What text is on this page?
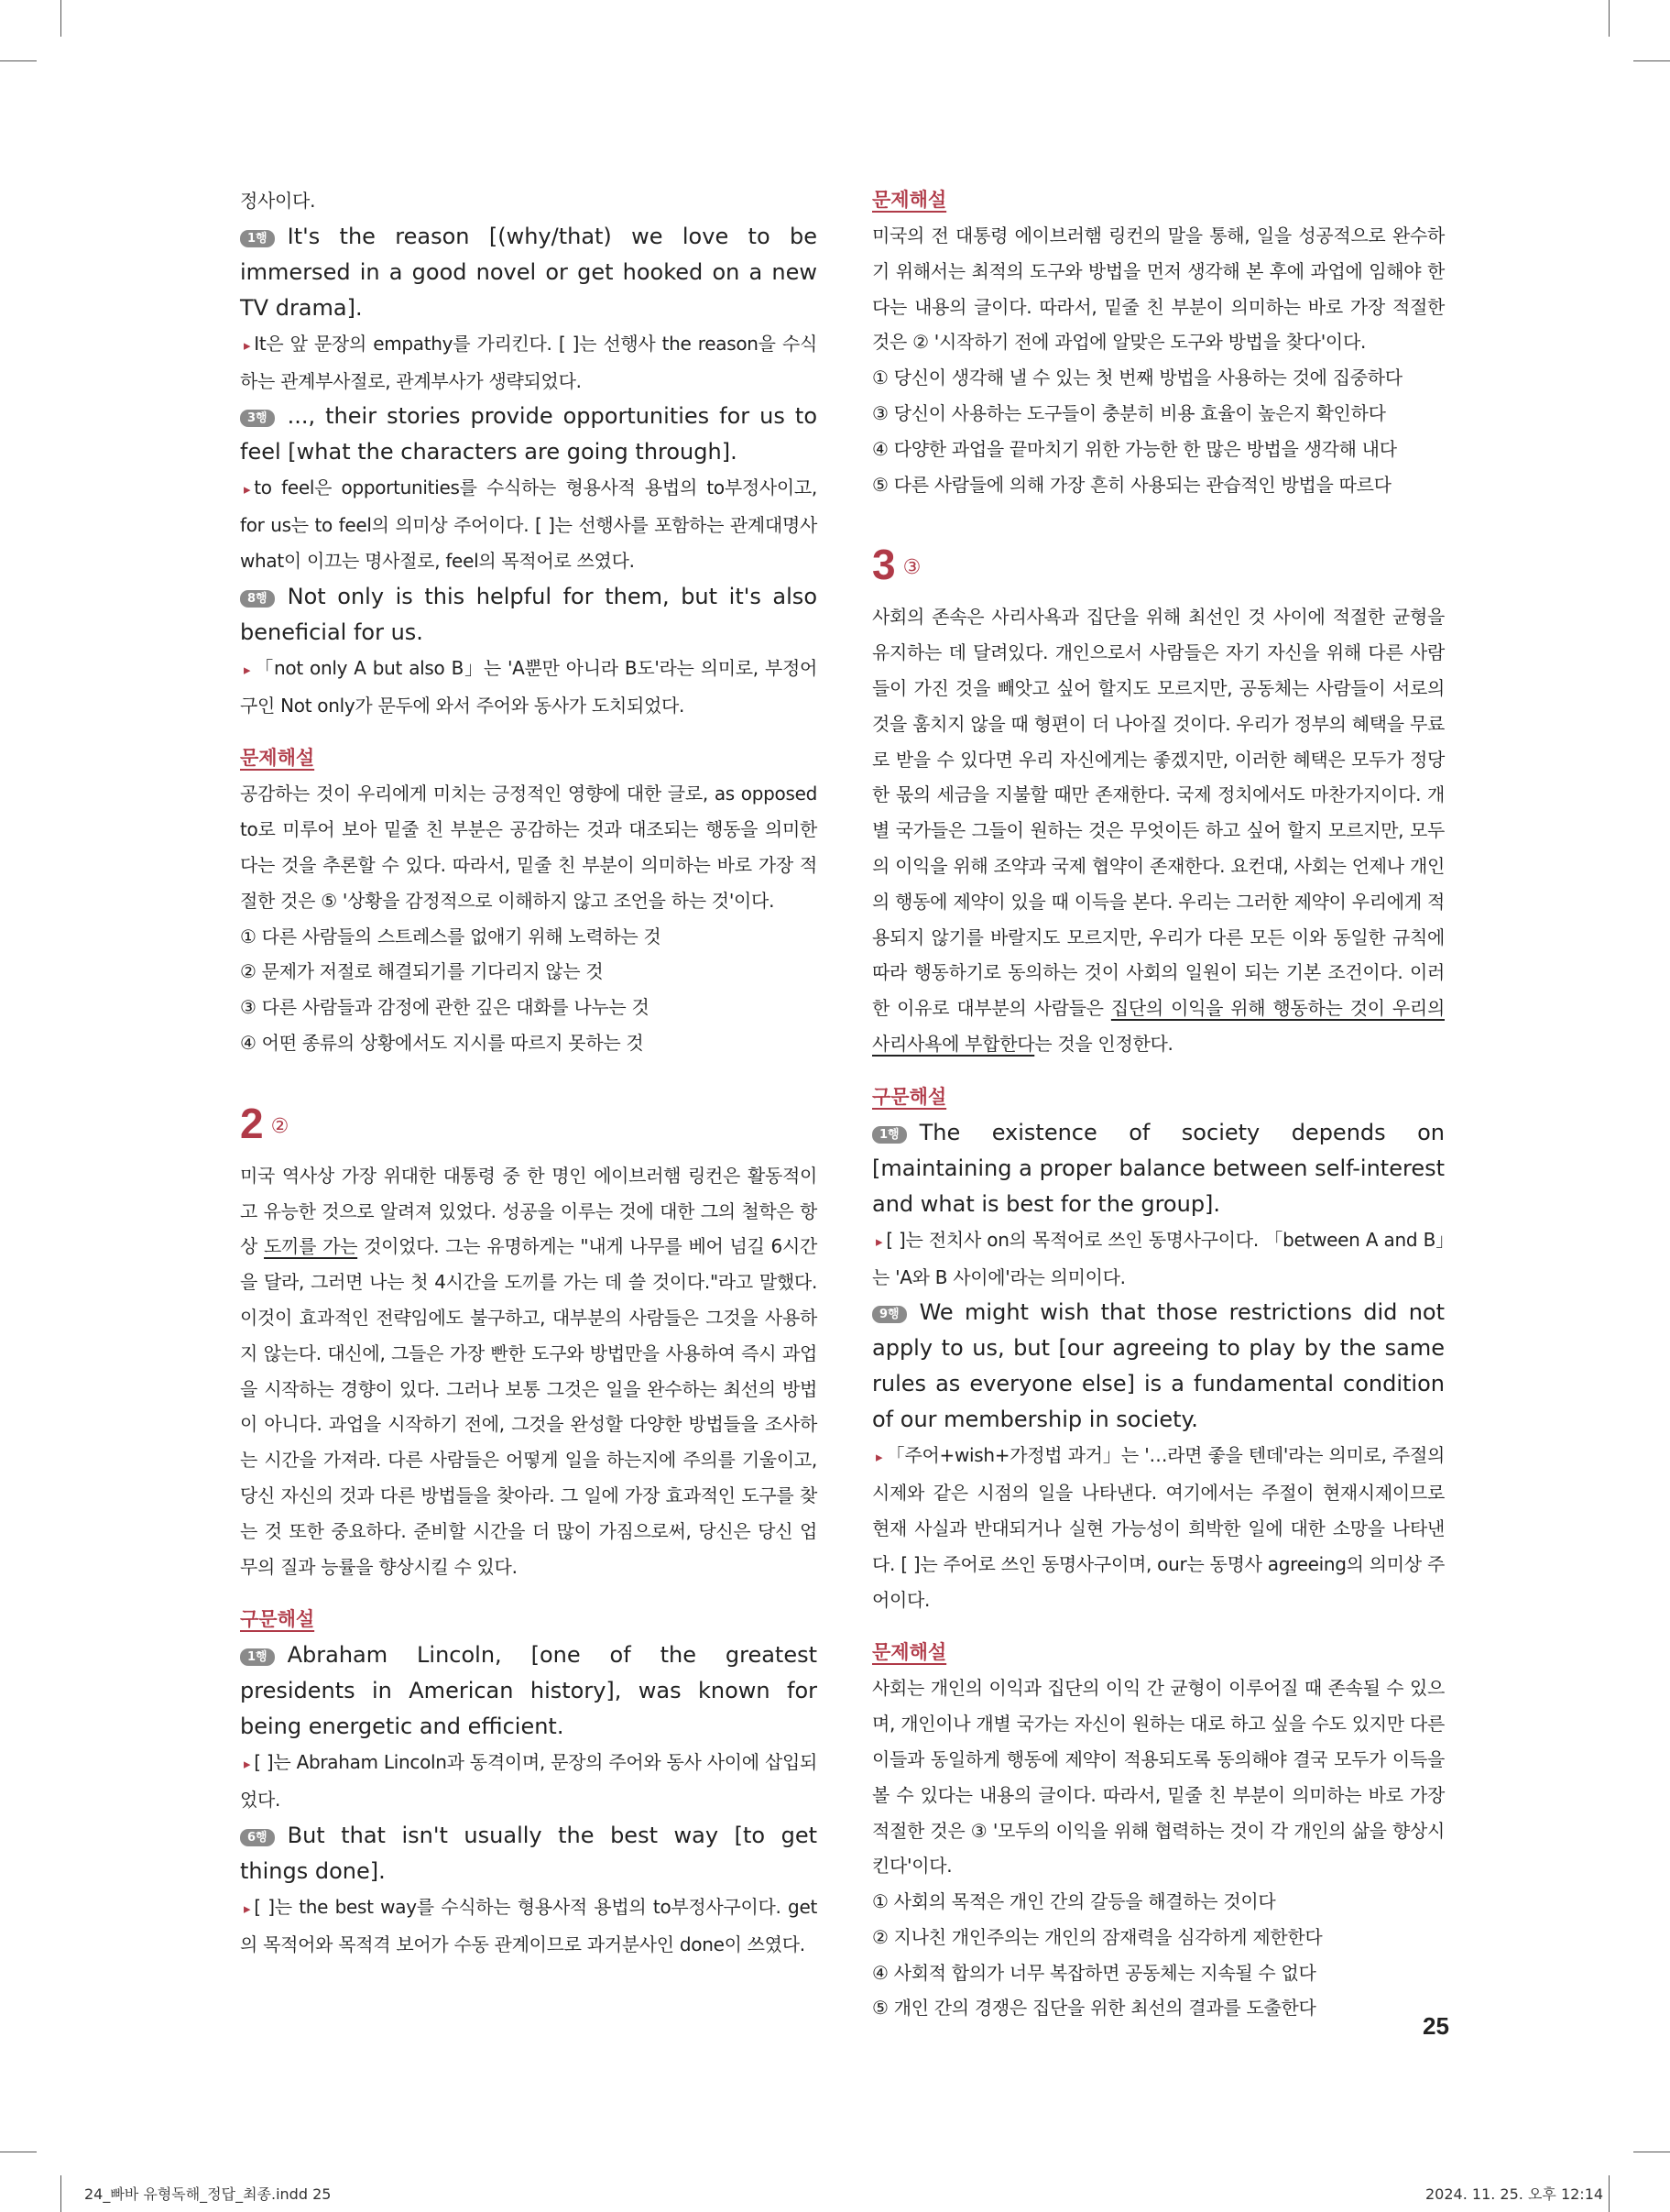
정사이다.

1행 It's the reason [(why/that) we love to be immersed in a good novel or get hooked on a new TV drama].
▸ It은 앞 문장의 empathy를 가리킨다. [ ]는 선행사 the reason을 수식하는 관계부사절로, 관계부사가 생략되었다.
3행 ..., their stories provide opportunities for us to feel [what the characters are going through].
▸ to feel은 opportunities를 수식하는 형용사적 용법의 to부정사이고, for us는 to feel의 의미상 주어이다. [ ]는 선행사를 포함하는 관계대명사 what이 이끄는 명사절로, feel의 목적어로 쓰였다.
8행 Not only is this helpful for them, but it's also beneficial for us.
▸ 「not only A but also B」는 'A뿐만 아니라 B도'라는 의미로, 부정어구인 Not only가 문두에 와서 주어와 동사가 도치되었다.
문제해설

공감하는 것이 우리에게 미치는 긍정적인 영향에 대한 글로, as opposed to로 미루어 보아 밑줄 친 부분은 공감하는 것과 대조되는 행동을 의미한다는 것을 추론할 수 있다. 따라서, 밑줄 친 부분이 의미하는 바로 가장 적절한 것은 ⑤ '상황을 감정적으로 이해하지 않고 조언을 하는 것'이다.

① 다른 사람들의 스트레스를 없애기 위해 노력하는 것
② 문제가 저절로 해결되기를 기다리지 않는 것
③ 다른 사람들과 감정에 관한 깊은 대화를 나누는 것
④ 어떤 종류의 상황에서도 지시를 따르지 못하는 것
2 ②

미국 역사상 가장 위대한 대통령 중 한 명인 에이브러햄 링컨은 활동적이고 유능한 것으로 알려져 있었다. 성공을 이루는 것에 대한 그의 철학은 항상 도끼를 가는 것이었다. 그는 유명하게는 "내게 나무를 베어 넘길 6시간을 달라, 그러면 나는 첫 4시간을 도끼를 가는 데 쓸 것이다."라고 말했다. 이것이 효과적인 전략임에도 불구하고, 대부분의 사람들은 그것을 사용하지 않는다. 대신에, 그들은 가장 빤한 도구와 방법만을 사용하여 즉시 과업을 시작하는 경향이 있다. 그러나 보통 그것은 일을 완수하는 최선의 방법이 아니다. 과업을 시작하기 전에, 그것을 완성할 다양한 방법들을 조사하는 시간을 가져라. 다른 사람들은 어떻게 일을 하는지에 주의를 기울이고, 당신 자신의 것과 다른 방법들을 찾아라. 그 일에 가장 효과적인 도구를 찾는 것 또한 중요하다. 준비할 시간을 더 많이 가짐으로써, 당신은 당신 업무의 질과 능률을 향상시킬 수 있다.

구문해설
1행 Abraham Lincoln, [one of the greatest presidents in American history], was known for being energetic and efficient.
▸ [ ]는 Abraham Lincoln과 동격이며, 문장의 주어와 동사 사이에 삽입되었다.
6행 But that isn't usually the best way [to get things done].
▸ [ ]는 the best way를 수식하는 형용사적 용법의 to부정사구이다. get의 목적어와 목적격 보어가 수동 관계이므로 과거분사인 done이 쓰였다.
문제해설

미국의 전 대통령 에이브러햄 링컨의 말을 통해, 일을 성공적으로 완수하기 위해서는 최적의 도구와 방법을 먼저 생각해 본 후에 과업에 임해야 한다는 내용의 글이다. 따라서, 밑줄 친 부분이 의미하는 바로 가장 적절한 것은 ② '시작하기 전에 과업에 알맞은 도구와 방법을 찾다'이다.

① 당신이 생각해 낼 수 있는 첫 번째 방법을 사용하는 것에 집중하다
③ 당신이 사용하는 도구들이 충분히 비용 효율이 높은지 확인하다
④ 다양한 과업을 끝마치기 위한 가능한 한 많은 방법을 생각해 내다
⑤ 다른 사람들에 의해 가장 흔히 사용되는 관습적인 방법을 따르다
3 ③

사회의 존속은 사리사욕과 집단을 위해 최선인 것 사이에 적절한 균형을 유지하는 데 달려있다. 개인으로서 사람들은 자기 자신을 위해 다른 사람들이 가진 것을 빼앗고 싶어 할지도 모르지만, 공동체는 사람들이 서로의 것을 훔치지 않을 때 형편이 더 나아질 것이다. 우리가 정부의 혜택을 무료로 받을 수 있다면 우리 자신에게는 좋겠지만, 이러한 혜택은 모두가 정당한 몫의 세금을 지불할 때만 존재한다. 국제 정치에서도 마찬가지이다. 개별 국가들은 그들이 원하는 것은 무엇이든 하고 싶어 할지 모르지만, 모두의 이익을 위해 조약과 국제 협약이 존재한다. 요컨대, 사회는 언제나 개인의 행동에 제약이 있을 때 이득을 본다. 우리는 그러한 제약이 우리에게 적용되지 않기를 바랄지도 모르지만, 우리가 다른 모든 이와 동일한 규칙에 따라 행동하기로 동의하는 것이 사회의 일원이 되는 기본 조건이다. 이러한 이유로 대부분의 사람들은 집단의 이익을 위해 행동하는 것이 우리의 사리사욕에 부합한다는 것을 인정한다.

구문해설
1행 The existence of society depends on [maintaining a proper balance between self-interest and what is best for the group].
▸ [ ]는 전치사 on의 목적어로 쓰인 동명사구이다. 「between A and B」는 'A와 B 사이에'라는 의미이다.
9행 We might wish that those restrictions did not apply to us, but [our agreeing to play by the same rules as everyone else] is a fundamental condition of our membership in society.
▸ 「주어+wish+가정법 과거」는 '…라면 좋을 텐데'라는 의미로, 주절의 시제와 같은 시점의 일을 나타낸다. 여기에서는 주절이 현재시제이므로 현재 사실과 반대되거나 실현 가능성이 희박한 일에 대한 소망을 나타낸다. [ ]는 주어로 쓰인 동명사구이며, our는 동명사 agreeing의 의미상 주어이다.
문제해설

사회는 개인의 이익과 집단의 이익 간 균형이 이루어질 때 존속될 수 있으며, 개인이나 개별 국가는 자신이 원하는 대로 하고 싶을 수도 있지만 다른 이들과 동일하게 행동에 제약이 적용되도록 동의해야 결국 모두가 이득을 볼 수 있다는 내용의 글이다. 따라서, 밑줄 친 부분이 의미하는 바로 가장 적절한 것은 ③ '모두의 이익을 위해 협력하는 것이 각 개인의 삶을 향상시킨다'이다.

① 사회의 목적은 개인 간의 갈등을 해결하는 것이다
② 지나친 개인주의는 개인의 잠재력을 심각하게 제한한다
④ 사회적 합의가 너무 복잡하면 공동체는 지속될 수 없다
⑤ 개인 간의 경쟁은 집단을 위한 최선의 결과를 도출한다
25
24_빠바 유형독해_정답_최종.indd 25	2024. 11. 25. 오후 12:14
